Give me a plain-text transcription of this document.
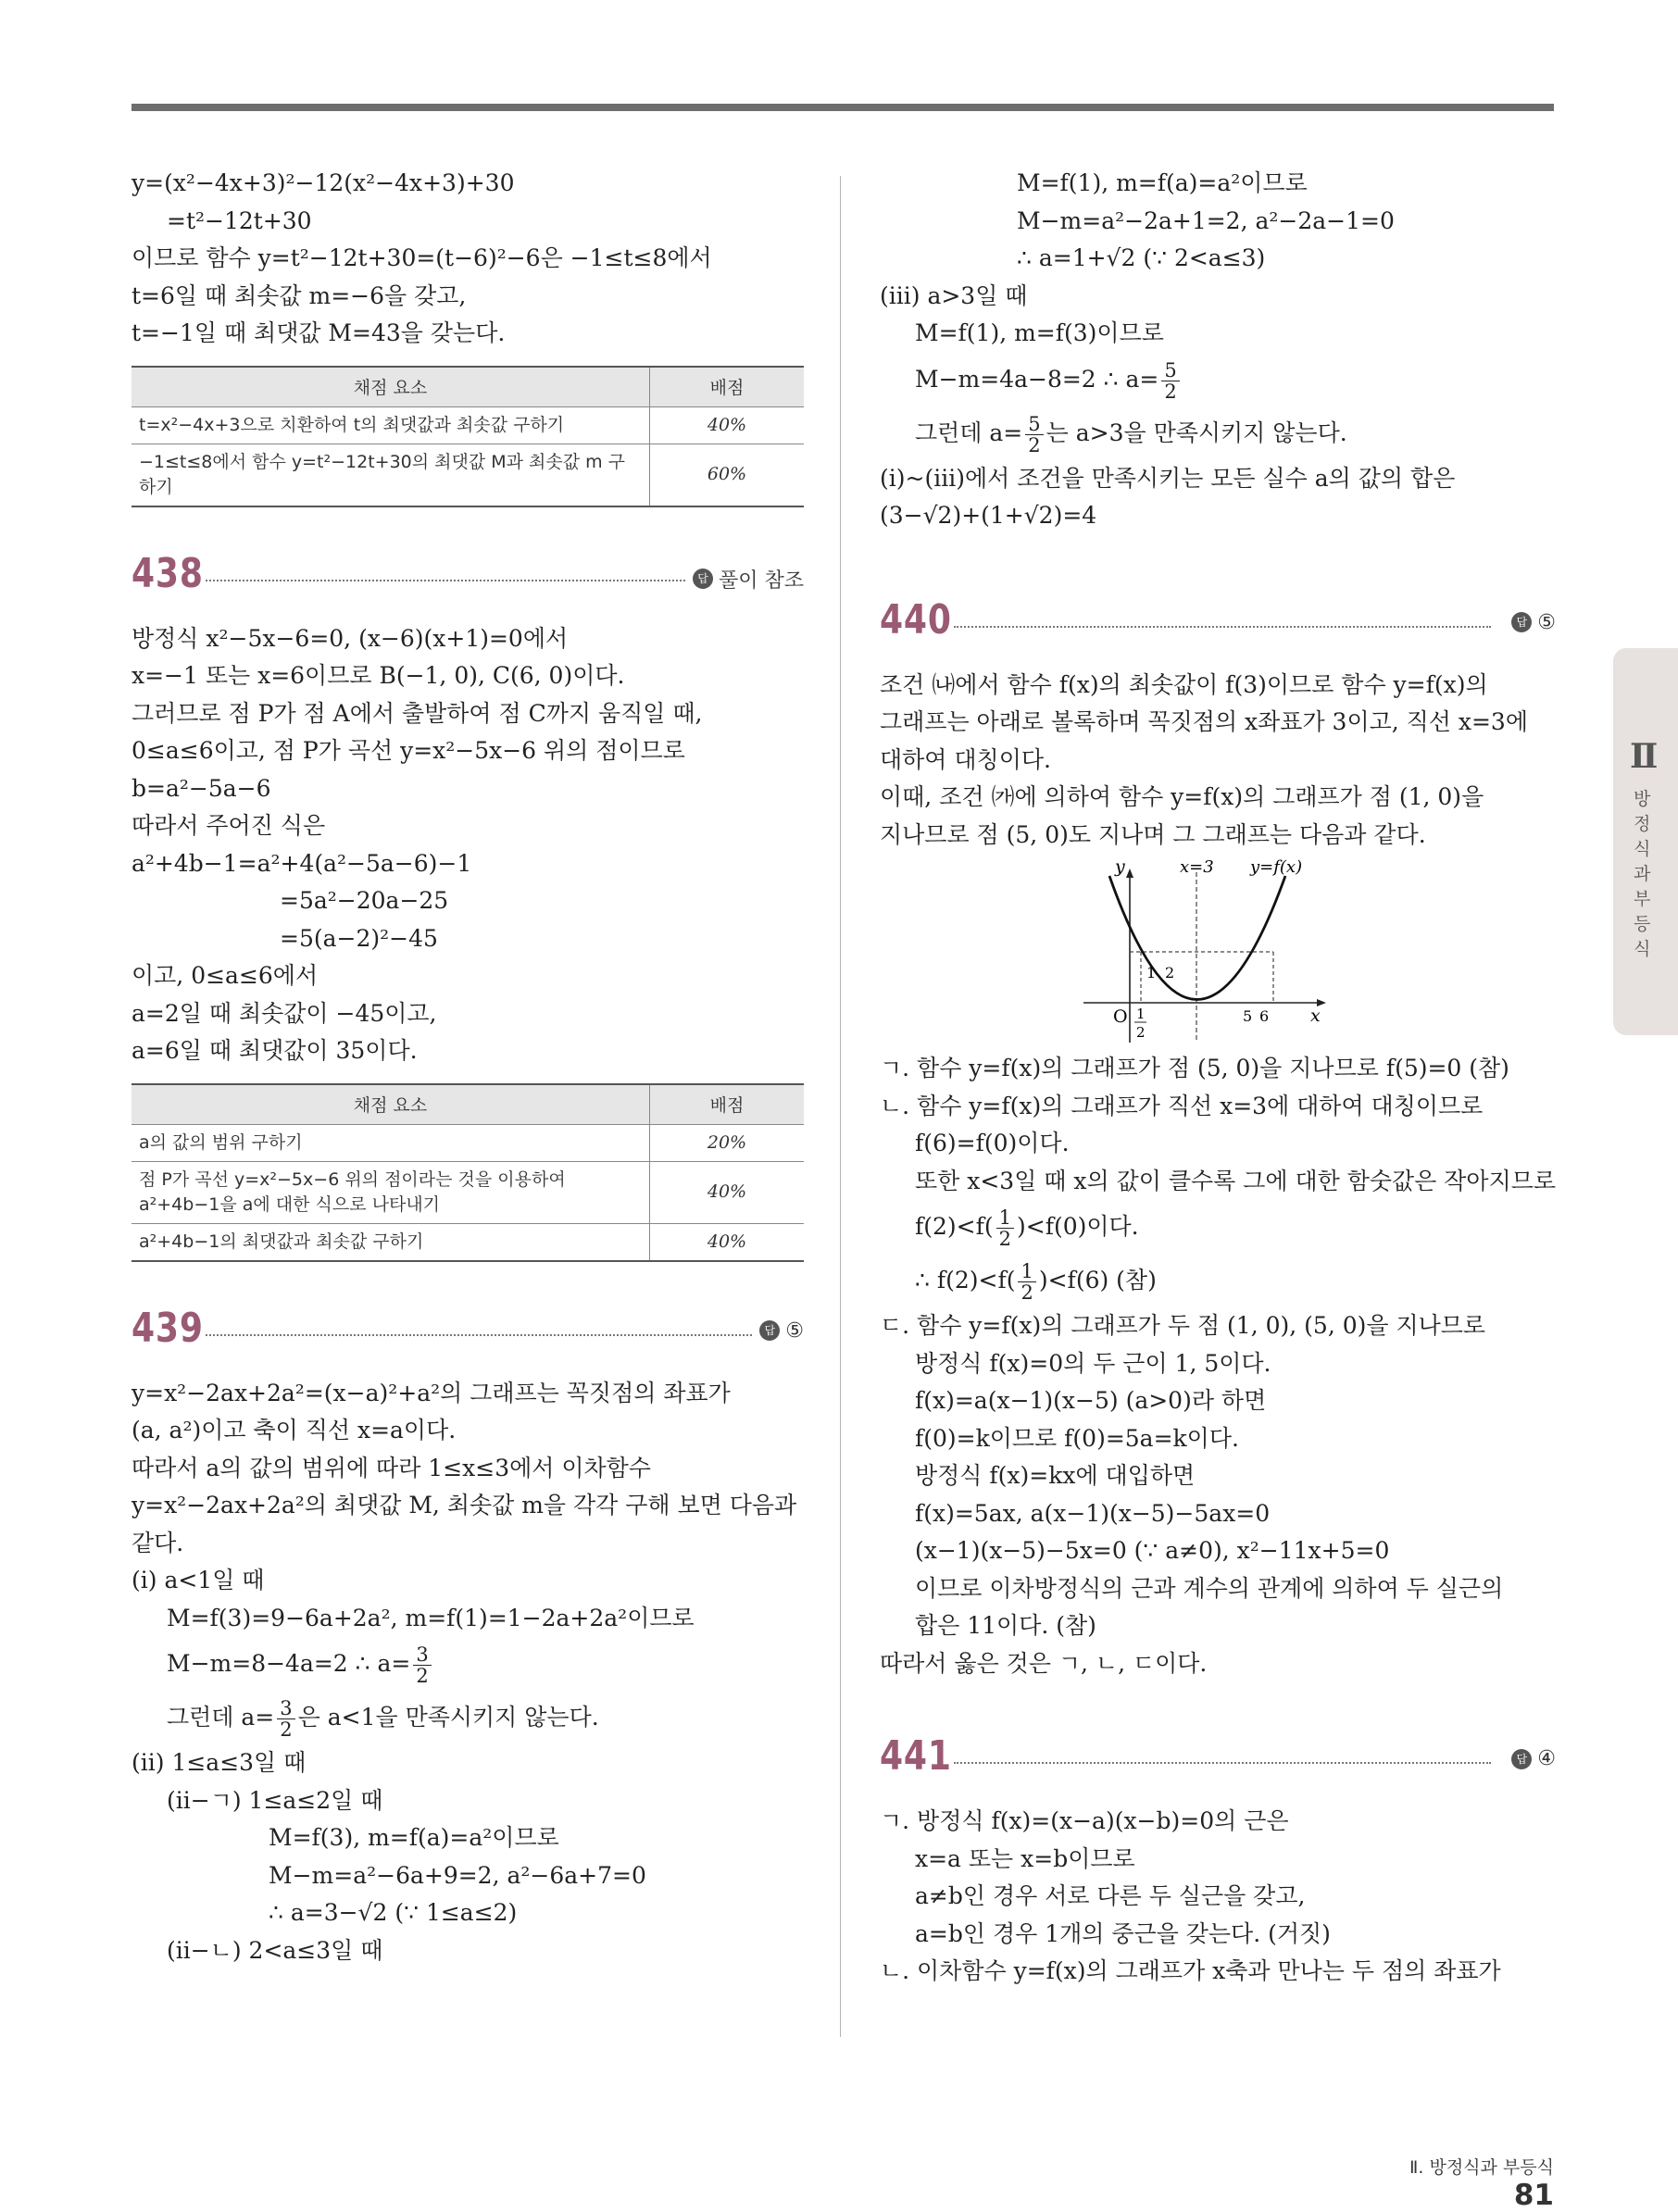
y=(x²−4x+3)²−12(x²−4x+3)+30
=t²−12t+30
이므로 함수 y=t²−12t+30=(t−6)²−6은 −1≤t≤8에서
t=6일 때 최솟값 m=−6을 갖고,
t=−1일 때 최댓값 M=43을 갖는다.
채점 요소	배점
t=x²−4x+3으로 치환하여 t의 최댓값과 최솟값 구하기	40%
−1≤t≤8에서 함수 y=t²−12t+30의 최댓값 M과 최솟값 m 구하기	60%
438	답 풀이 참조
방정식 x²−5x−6=0, (x−6)(x+1)=0에서
x=−1 또는 x=6이므로 B(−1, 0), C(6, 0)이다.
그러므로 점 P가 점 A에서 출발하여 점 C까지 움직일 때,
0≤a≤6이고, 점 P가 곡선 y=x²−5x−6 위의 점이므로
b=a²−5a−6
따라서 주어진 식은
a²+4b−1=a²+4(a²−5a−6)−1
=5a²−20a−25
=5(a−2)²−45
이고, 0≤a≤6에서
a=2일 때 최솟값이 −45이고,
a=6일 때 최댓값이 35이다.
채점 요소	배점
a의 값의 범위 구하기	20%
점 P가 곡선 y=x²−5x−6 위의 점이라는 것을 이용하여 a²+4b−1을 a에 대한 식으로 나타내기	40%
a²+4b−1의 최댓값과 최솟값 구하기	40%
439	답 ⑤
y=x²−2ax+2a²=(x−a)²+a²의 그래프는 꼭짓점의 좌표가
(a, a²)이고 축이 직선 x=a이다.
따라서 a의 값의 범위에 따라 1≤x≤3에서 이차함수
y=x²−2ax+2a²의 최댓값 M, 최솟값 m을 각각 구해 보면 다음과
같다.
(ⅰ) a<1일 때
M=f(3)=9−6a+2a², m=f(1)=1−2a+2a²이므로
M−m=8−4a=2 ∴ $a= \frac{3}{2}$
그런데 $a= \frac{3}{2}$ 은 a<1을 만족시키지 않는다.
(ⅱ) 1≤a≤3일 때
(ⅱ−ㄱ) 1≤a≤2일 때
M=f(3), m=f(a)=a²이므로
M−m=a²−6a+9=2, a²−6a+7=0
∴ a=3−√2 (∵ 1≤a≤2)
(ⅱ−ㄴ) 2<a≤3일 때
M=f(1), m=f(a)=a²이므로
M−m=a²−2a+1=2, a²−2a−1=0
∴ a=1+√2 (∵ 2<a≤3)
(ⅲ) a>3일 때
M=f(1), m=f(3)이므로
M−m=4a−8=2 ∴ $a= \frac{5}{2}$
그런데 $a= \frac{5}{2}$ 는 a>3을 만족시키지 않는다.
(ⅰ)~(ⅲ)에서 조건을 만족시키는 모든 실수 a의 값의 합은
(3−√2)+(1+√2)=4
440	답 ⑤
조건 ㈏에서 함수 f(x)의 최솟값이 f(3)이므로 함수 y=f(x)의
그래프는 아래로 볼록하며 꼭짓점의 x좌표가 3이고, 직선 x=3에
대하여 대칭이다.
이때, 조건 ㈎에 의하여 함수 y=f(x)의 그래프가 점 (1, 0)을
지나므로 점 (5, 0)도 지나며 그 그래프는 다음과 같다.
y
x
O
x=3 y=f(x)
1 2
5 6
1
2
ㄱ. 함수 y=f(x)의 그래프가 점 (5, 0)을 지나므로 f(5)=0 (참)
ㄴ. 함수 y=f(x)의 그래프가 직선 x=3에 대하여 대칭이므로
f(6)=f(0)이다.
또한 x<3일 때 x의 값이 클수록 그에 대한 함숫값은 작아지므로
$f(2)<f( \frac{1}{2} )<f(0)$이다.
∴ $f(2)<f( \frac{1}{2} )<f(6)$ (참)
ㄷ. 함수 y=f(x)의 그래프가 두 점 (1, 0), (5, 0)을 지나므로
방정식 f(x)=0의 두 근이 1, 5이다.
f(x)=a(x−1)(x−5) (a>0)라 하면
f(0)=k이므로 f(0)=5a=k이다.
방정식 f(x)=kx에 대입하면
f(x)=5ax, a(x−1)(x−5)−5ax=0
(x−1)(x−5)−5x=0 (∵ a≠0), x²−11x+5=0
이므로 이차방정식의 근과 계수의 관계에 의하여 두 실근의
합은 11이다. (참)
따라서 옳은 것은 ㄱ, ㄴ, ㄷ이다.
441	답 ④
ㄱ. 방정식 f(x)=(x−a)(x−b)=0의 근은
x=a 또는 x=b이므로
a≠b인 경우 서로 다른 두 실근을 갖고,
a=b인 경우 1개의 중근을 갖는다. (거짓)
ㄴ. 이차함수 y=f(x)의 그래프가 x축과 만나는 두 점의 좌표가
Ⅱ
방정식과 부등식
Ⅱ. 방정식과 부등식81
